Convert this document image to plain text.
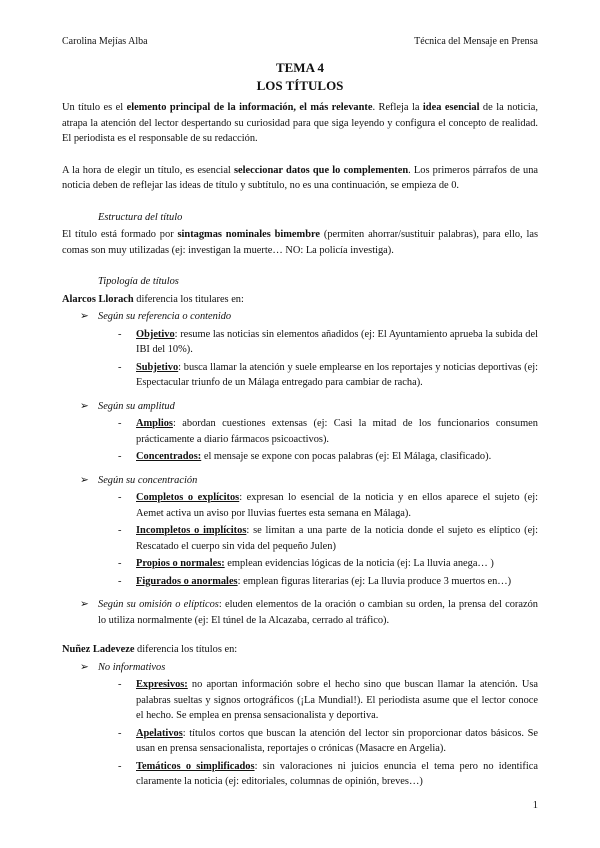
Carolina Mejías Alba	Técnica del Mensaje en Prensa
TEMA 4
LOS TÍTULOS

Un título es el elemento principal de la información, el más relevante. Refleja la idea esencial de la noticia, atrapa la atención del lector despertando su curiosidad para que siga leyendo y configura el concepto de realidad. El periodista es el responsable de su redacción.

A la hora de elegir un título, es esencial seleccionar datos que lo complementen. Los primeros párrafos de una noticia deben de reflejar las ideas de título y subtítulo, no es una continuación, se empieza de 0.

Estructura del título

El título está formado por sintagmas nominales bimembre (permiten ahorrar/sustituir palabras), para ello, las comas son muy utilizadas (ej: investigan la muerte… NO: La policía investiga).

Tipología de títulos

Alarcos Llorach diferencia los titulares en:

➢ Según su referencia o contenido
- Objetivo: resume las noticias sin elementos añadidos (ej: El Ayuntamiento aprueba la subida del IBI del 10%).
- Subjetivo: busca llamar la atención y suele emplearse en los reportajes y noticias deportivas (ej: Espectacular triunfo de un Málaga entregado para cambiar de racha).
➢ Según su amplitud
- Amplios: abordan cuestiones extensas (ej: Casi la mitad de los funcionarios consumen prácticamente a diario fármacos psicoactivos).
- Concentrados: el mensaje se expone con pocas palabras (ej: El Málaga, clasificado).
➢ Según su concentración
- Completos o explícitos: expresan lo esencial de la noticia y en ellos aparece el sujeto (ej: Aemet activa un aviso por lluvias fuertes esta semana en Málaga).
- Incompletos o implícitos: se limitan a una parte de la noticia donde el sujeto es elíptico (ej: Rescatado el cuerpo sin vida del pequeño Julen)
- Propios o normales: emplean evidencias lógicas de la noticia (ej: La lluvia anega… )
- Figurados o anormales: emplean figuras literarias (ej: La lluvia produce 3 muertos en…)
➢ Según su omisión o elípticos: eluden elementos de la oración o cambian su orden, la prensa del corazón lo utiliza normalmente (ej: El túnel de la Alcazaba, cerrado al tráfico).

Nuñez Ladeveze diferencia los títulos en:

➢ No informativos
- Expresivos: no aportan información sobre el hecho sino que buscan llamar la atención. Usa palabras sueltas y signos ortográficos (¡La Mundial!). El periodista asume que el lector conoce el hecho. Se emplea en prensa sensacionalista y deportiva.
- Apelativos: títulos cortos que buscan la atención del lector sin proporcionar datos básicos. Se usan en prensa sensacionalista, reportajes o crónicas (Masacre en Argelia).
- Temáticos o simplificados: sin valoraciones ni juicios enuncia el tema pero no identifica claramente la noticia (ej: editoriales, columnas de opinión, breves…)
1
